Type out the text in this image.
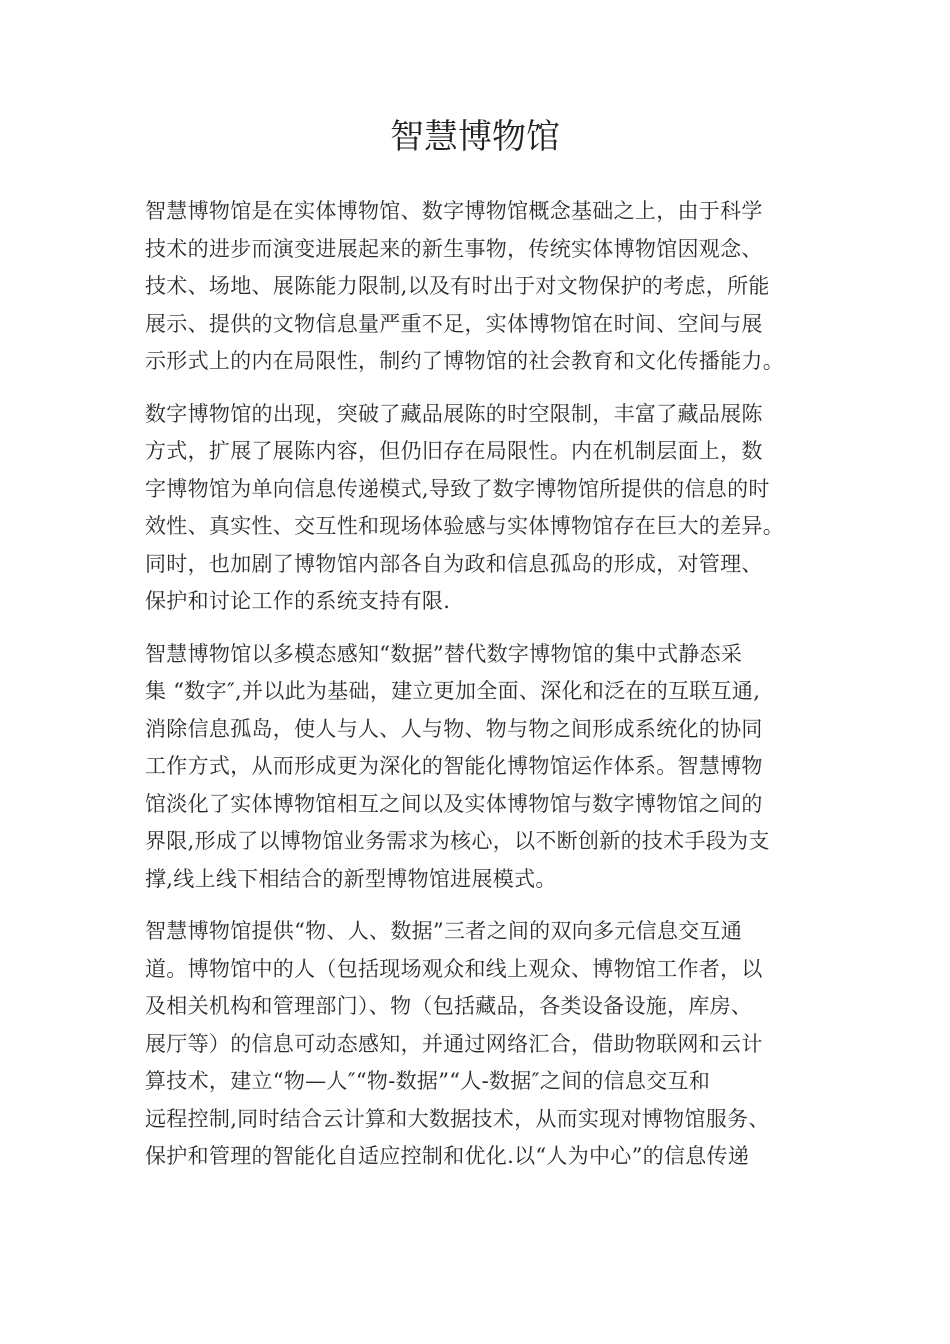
智慧博物馆

智慧博物馆是在实体博物馆、数字博物馆概念基础之上，由于科学
技术的进步而演变进展起来的新生事物，传统实体博物馆因观念、
技术、场地、展陈能力限制,以及有时出于对文物保护的考虑，所能
展示、提供的文物信息量严重不足，实体博物馆在时间、空间与展
示形式上的内在局限性，制约了博物馆的社会教育和文化传播能力。

数字博物馆的出现，突破了藏品展陈的时空限制，丰富了藏品展陈
方式，扩展了展陈内容，但仍旧存在局限性。内在机制层面上，数
字博物馆为单向信息传递模式,导致了数字博物馆所提供的信息的时
效性、真实性、交互性和现场体验感与实体博物馆存在巨大的差异。
同时，也加剧了博物馆内部各自为政和信息孤岛的形成，对管理、
保护和讨论工作的系统支持有限.

智慧博物馆以多模态感知“数据”替代数字博物馆的集中式静态采
集 “数字″,并以此为基础，建立更加全面、深化和泛在的互联互通,
消除信息孤岛，使人与人、人与物、物与物之间形成系统化的协同
工作方式，从而形成更为深化的智能化博物馆运作体系。智慧博物
馆淡化了实体博物馆相互之间以及实体博物馆与数字博物馆之间的
界限,形成了以博物馆业务需求为核心，以不断创新的技术手段为支
撑,线上线下相结合的新型博物馆进展模式。

智慧博物馆提供“物、人、数据”三者之间的双向多元信息交互通
道。博物馆中的人（包括现场观众和线上观众、博物馆工作者，以
及相关机构和管理部门）、物（包括藏品，各类设备设施，库房、
展厅等）的信息可动态感知，并通过网络汇合，借助物联网和云计
算技术，建立“物—人″“物-数据”“人-数据″之间的信息交互和
远程控制,同时结合云计算和大数据技术，从而实现对博物馆服务、
保护和管理的智能化自适应控制和优化.以“人为中心”的信息传递
